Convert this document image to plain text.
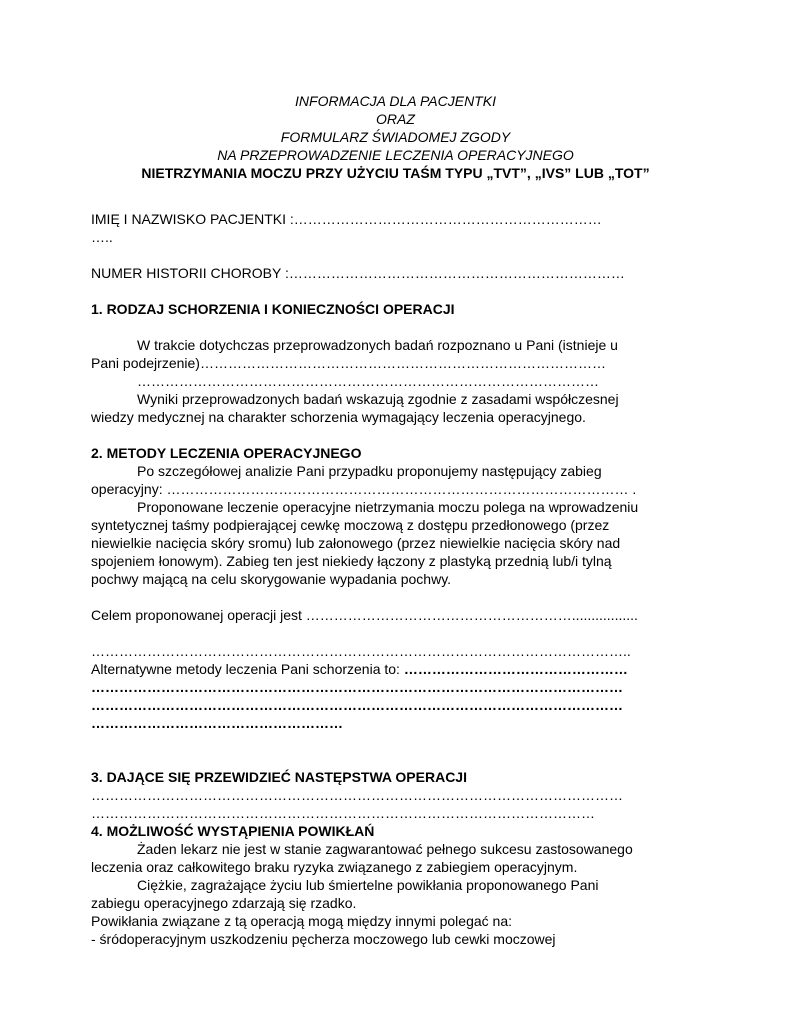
INFORMACJA DLA PACJENTKI
ORAZ
FORMULARZ ŚWIADOMEJ ZGODY
NA PRZEPROWADZENIE LECZENIA OPERACYJNEGO
NIETRZYMANIA MOCZU PRZY UŻYCIU TAŚM TYPU „TVT”, „IVS” LUB „TOT”
IMIĘ I NAZWISKO PACJENTKI :…………………………………………………………
…..
NUMER HISTORII CHOROBY :………………………………………………………………
1. RODZAJ SCHORZENIA I KONIECZNOŚCI OPERACJI
W trakcie dotychczas przeprowadzonych badań rozpoznano u Pani (istnieje u
Pani podejrzenie)……………………………………………………………………………
………………………………………………………………………………………
Wyniki przeprowadzonych badań wskazują zgodnie z zasadami współczesnej
wiedzy medycznej na charakter schorzenia wymagający leczenia operacyjnego.
2. METODY LECZENIA OPERACYJNEGO
Po szczegółowej analizie Pani przypadku proponujemy następujący zabieg
operacyjny: ……………………………………………………………………………………… .
Proponowane leczenie operacyjne nietrzymania moczu polega na wprowadzeniu
syntetycznej taśmy podpierającej cewkę moczową z dostępu przedłonowego (przez
niewielkie nacięcia skóry sromu) lub załonowego (przez niewielkie nacięcia skóry nad
spojeniem łonowym). Zabieg ten jest niekiedy łączony z plastyką przednią lub/i tylną
pochwy mającą na celu skorygowanie wypadania pochwy.
Celem proponowanej operacji jest ………………………………………………….................
……………………………………………………………………………………………………..
Alternatywne metody leczenia Pani schorzenia to: …………………………………………
……………………………………………………………………………………………………
……………………………………………………………………………………………………
………………………………………………
3. DAJĄCE SIĘ PRZEWIDZIEĆ NASTĘPSTWA OPERACJI
……………………………………………………………………………………………………
………………………………………………………………………………………………
4. MOŻLIWOŚĆ WYSTĄPIENIA POWIKŁAŃ
Żaden lekarz nie jest w stanie zagwarantować pełnego sukcesu zastosowanego
leczenia oraz całkowitego braku ryzyka związanego z zabiegiem operacyjnym.
Ciężkie, zagrażające życiu lub śmiertelne powikłania proponowanego Pani
zabiegu operacyjnego zdarzają się rzadko.
Powikłania związane z tą operacją mogą między innymi polegać na:
- śródoperacyjnym uszkodzeniu pęcherza moczowego lub cewki moczowej
